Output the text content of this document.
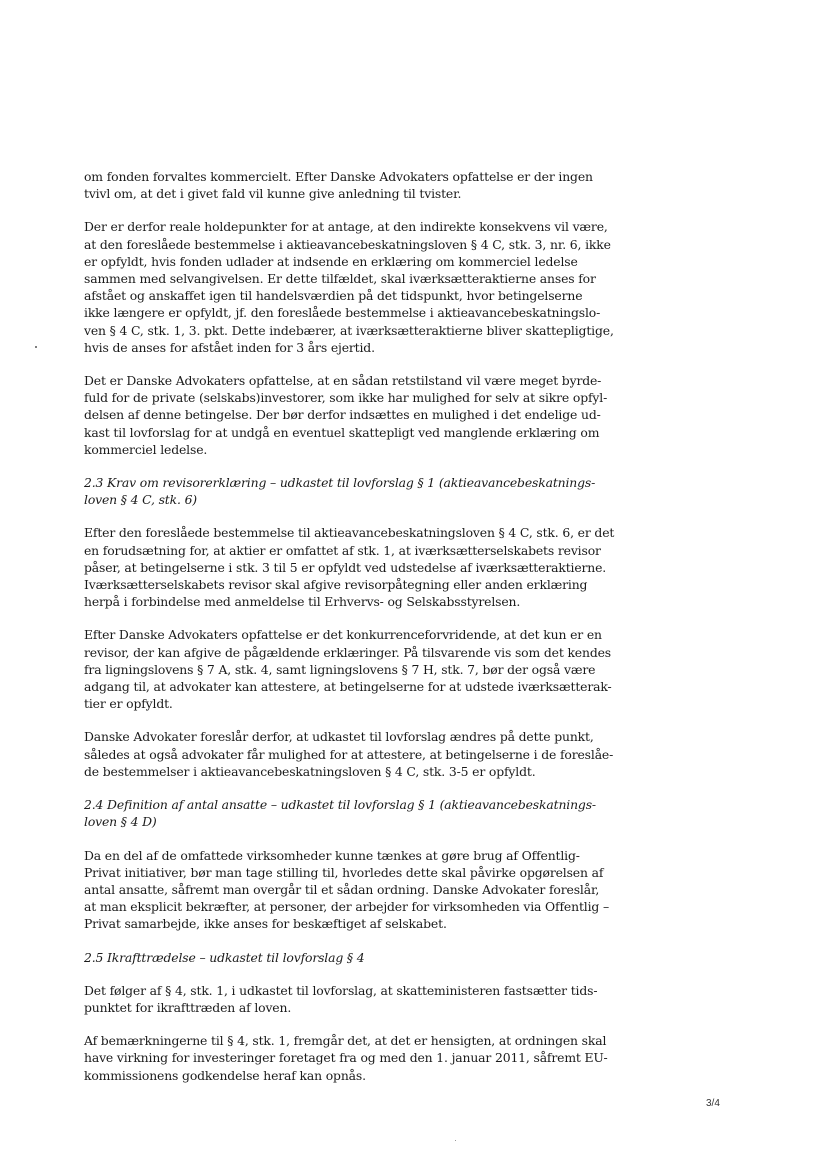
om fonden forvaltes kommercielt. Efter Danske Advokaters opfattelse er der ingen
tvivl om, at det i givet fald vil kunne give anledning til tvister.
Der er derfor reale holdepunkter for at antage, at den indirekte konsekvens vil være,
at den foreslåede bestemmelse i aktieavancebeskatningsloven § 4 C, stk. 3, nr. 6, ikke
er opfyldt, hvis fonden udlader at indsende en erklæring om kommerciel ledelse
sammen med selvangivelsen. Er dette tilfældet, skal iværksætteraktierne anses for
afstået og anskaffet igen til handelsværdien på det tidspunkt, hvor betingelserne
ikke længere er opfyldt, jf. den foreslåede bestemmelse i aktieavancebeskatningslo-
ven § 4 C, stk. 1, 3. pkt. Dette indebærer, at iværksætteraktierne bliver skattepligtige,
hvis de anses for afstået inden for 3 års ejertid.
Det er Danske Advokaters opfattelse, at en sådan retstilstand vil være meget byrde-
fuld for de private (selskabs)investorer, som ikke har mulighed for selv at sikre opfyl-
delsen af denne betingelse. Der bør derfor indsættes en mulighed i det endelige ud-
kast til lovforslag for at undgå en eventuel skattepligt ved manglende erklæring om
kommerciel ledelse.
2.3 Krav om revisorerklæring – udkastet til lovforslag § 1 (aktieavancebeskatnings-
loven § 4 C, stk. 6)
Efter den foreslåede bestemmelse til aktieavancebeskatningsloven § 4 C, stk. 6, er det
en forudsætning for, at aktier er omfattet af stk. 1, at iværksætterselskabets revisor
påser, at betingelserne i stk. 3 til 5 er opfyldt ved udstedelse af iværksætteraktierne.
Iværksætterselskabets revisor skal afgive revisorpåtegning eller anden erklæring
herpå i forbindelse med anmeldelse til Erhvervs- og Selskabsstyrelsen.
Efter Danske Advokaters opfattelse er det konkurrenceforvridende, at det kun er en
revisor, der kan afgive de pågældende erklæringer. På tilsvarende vis som det kendes
fra ligningslovens § 7 A, stk. 4, samt ligningslovens § 7 H, stk. 7, bør der også være
adgang til, at advokater kan attestere, at betingelserne for at udstede iværksætterak-
tier er opfyldt.
Danske Advokater foreslår derfor, at udkastet til lovforslag ændres på dette punkt,
således at også advokater får mulighed for at attestere, at betingelserne i de foreslåe-
de bestemmelser i aktieavancebeskatningsloven § 4 C, stk. 3-5 er opfyldt.
2.4 Definition af antal ansatte – udkastet til lovforslag § 1 (aktieavancebeskatnings-
loven § 4 D)
Da en del af de omfattede virksomheder kunne tænkes at gøre brug af Offentlig-
Privat initiativer, bør man tage stilling til, hvorledes dette skal påvirke opgørelsen af
antal ansatte, såfremt man overgår til et sådan ordning. Danske Advokater foreslår,
at man eksplicit bekræfter, at personer, der arbejder for virksomheden via Offentlig –
Privat samarbejde, ikke anses for beskæftiget af selskabet.
2.5 Ikrafttrædelse – udkastet til lovforslag § 4
Det følger af § 4, stk. 1, i udkastet til lovforslag, at skatteministeren fastsætter tids-
punktet for ikrafttræden af loven.
Af bemærkningerne til § 4, stk. 1, fremgår det, at det er hensigten, at ordningen skal
have virkning for investeringer foretaget fra og med den 1. januar 2011, såfremt EU-
kommissionens godkendelse heraf kan opnås.
3/4
